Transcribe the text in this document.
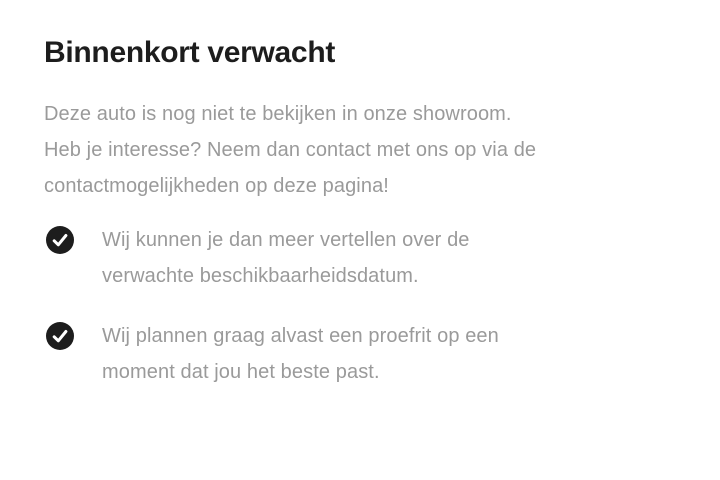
Binnenkort verwacht

Deze auto is nog niet te bekijken in onze showroom.
Heb je interesse? Neem dan contact met ons op via de
contactmogelijkheden op deze pagina!

Wij kunnen je dan meer vertellen over de
verwachte beschikbaarheidsdatum.
Wij plannen graag alvast een proefrit op een
moment dat jou het beste past.
